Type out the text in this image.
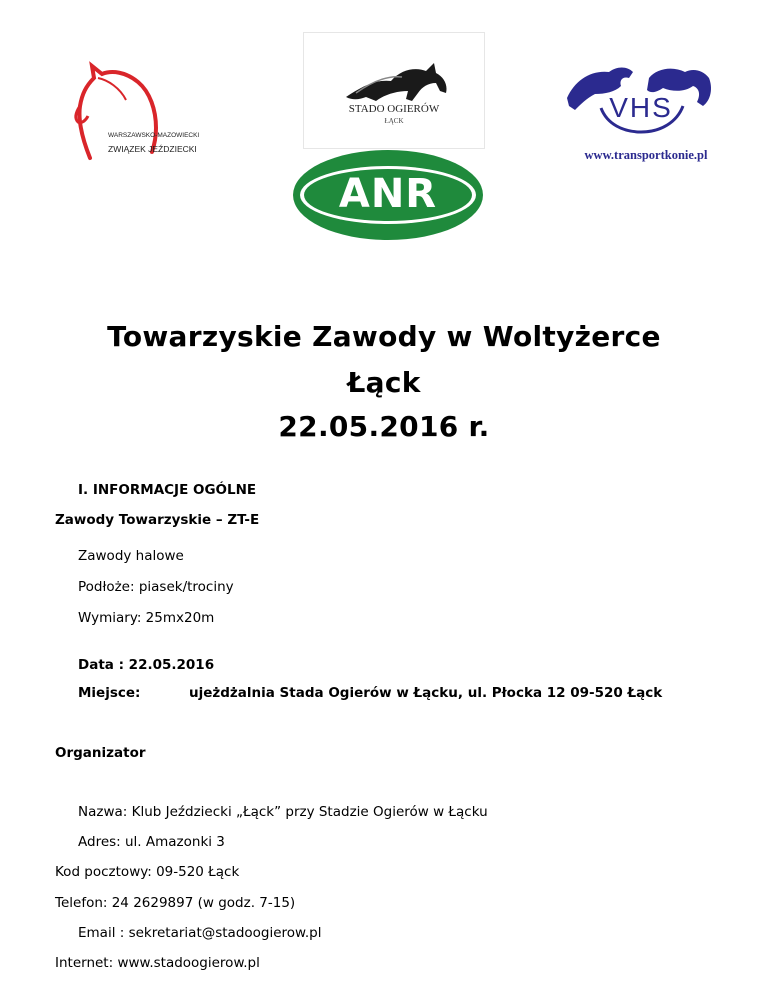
WARSZAWSKO-MAZOWIECKI
ZWIĄZEK JEŹDZIECKI
STADO OGIERÓW
ŁĄCK	VHS
www.transportkonie.pl
ANR
Towarzyskie Zawody w Woltyżerce
Łąck
22.05.2016 r.
I. INFORMACJE OGÓLNE
Zawody Towarzyskie – ZT-E
Zawody halowe
Podłoże: piasek/trociny
Wymiary: 25mx20m
Data : 22.05.2016
Miejsce:	ujeżdżalnia Stada Ogierów w Łącku, ul. Płocka 12 09-520 Łąck
Organizator
Nazwa: Klub Jeździecki „Łąck” przy Stadzie Ogierów w Łącku
Adres: ul. Amazonki 3
Kod pocztowy: 09-520 Łąck
Telefon: 24 2629897 (w godz. 7-15)
Email : sekretariat@stadoogierow.pl
Internet: www.stadoogierow.pl
